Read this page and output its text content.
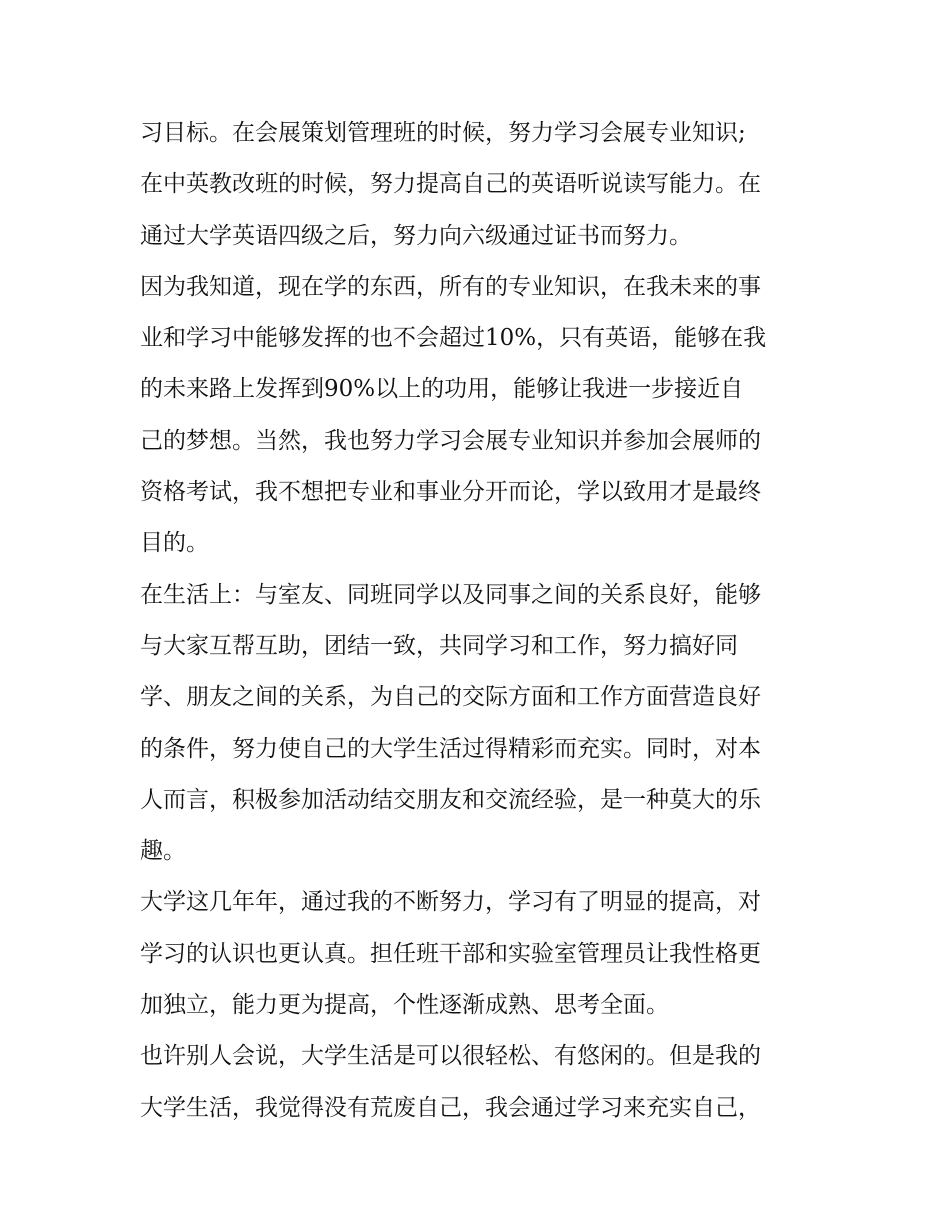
习目标。在会展策划管理班的时候，努力学习会展专业知识;
在中英教改班的时候，努力提高自己的英语听说读写能力。在
通过大学英语四级之后，努力向六级通过证书而努力。
因为我知道，现在学的东西，所有的专业知识，在我未来的事
业和学习中能够发挥的也不会超过10%，只有英语，能够在我
的未来路上发挥到90%以上的功用，能够让我进一步接近自
己的梦想。当然，我也努力学习会展专业知识并参加会展师的
资格考试，我不想把专业和事业分开而论，学以致用才是最终
目的。
在生活上：与室友、同班同学以及同事之间的关系良好，能够
与大家互帮互助，团结一致，共同学习和工作，努力搞好同
学、朋友之间的关系，为自己的交际方面和工作方面营造良好
的条件，努力使自己的大学生活过得精彩而充实。同时，对本
人而言，积极参加活动结交朋友和交流经验，是一种莫大的乐
趣。
大学这几年年，通过我的不断努力，学习有了明显的提高，对
学习的认识也更认真。担任班干部和实验室管理员让我性格更
加独立，能力更为提高，个性逐渐成熟、思考全面。
也许别人会说，大学生活是可以很轻松、有悠闲的。但是我的
大学生活，我觉得没有荒废自己，我会通过学习来充实自己，
